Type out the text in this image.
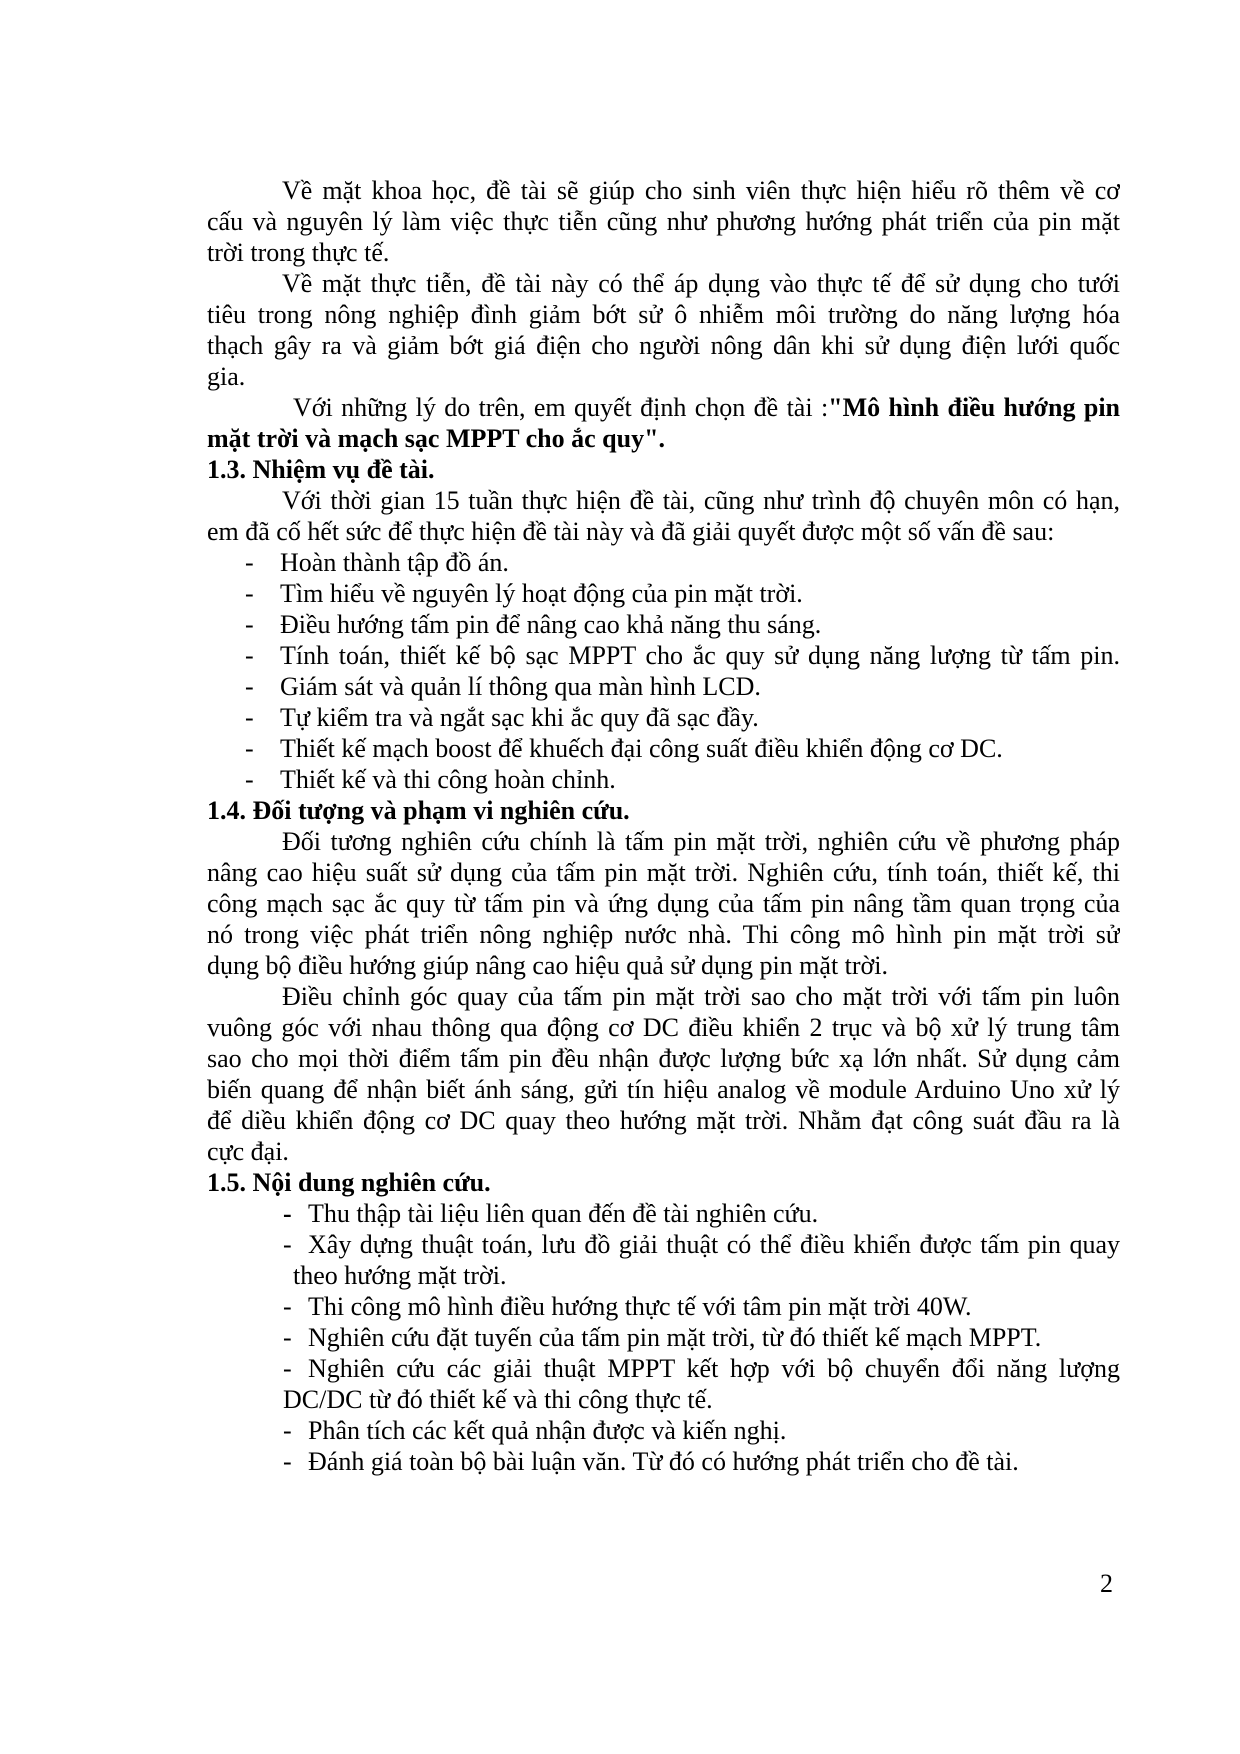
Về mặt khoa học, đề tài sẽ giúp cho sinh viên thực hiện hiểu rõ thêm về cơ
cấu và nguyên lý làm việc thực tiễn cũng như phương hướng phát triển của pin mặt
trời trong thực tế.
Về mặt thực tiễn, đề tài này có thể áp dụng vào thực tế để sử dụng cho tưới
tiêu trong nông nghiệp đình giảm bớt sử ô nhiễm môi trường do năng lượng hóa
thạch gây ra và giảm bớt giá điện cho người nông dân khi sử dụng điện lưới quốc
gia.
Với những lý do trên, em quyết định chọn đề tài :"Mô hình điều hướng pin
mặt trời và mạch sạc MPPT cho ắc quy".
1.3. Nhiệm vụ đề tài.
Với thời gian 15 tuần thực hiện đề tài, cũng như trình độ chuyên môn có hạn,
em đã cố hết sức để thực hiện đề tài này và đã giải quyết được một số vấn đề sau:
- Hoàn thành tập đồ án.
- Tìm hiểu về nguyên lý hoạt động của pin mặt trời.
- Điều hướng tấm pin để nâng cao khả năng thu sáng.
- Tính toán, thiết kế bộ sạc MPPT cho ắc quy sử dụng năng lượng từ tấm pin.
- Giám sát và quản lí thông qua màn hình LCD.
- Tự kiểm tra và ngắt sạc khi ắc quy đã sạc đầy.
- Thiết kế mạch boost để khuếch đại công suất điều khiển động cơ DC.
- Thiết kế và thi công hoàn chỉnh.
1.4. Đối tượng và phạm vi nghiên cứu.
Đối tương nghiên cứu chính là tấm pin mặt trời, nghiên cứu về phương pháp
nâng cao hiệu suất sử dụng của tấm pin mặt trời. Nghiên cứu, tính toán, thiết kế, thi
công mạch sạc ắc quy từ tấm pin và ứng dụng của tấm pin nâng tầm quan trọng của
nó trong việc phát triển nông nghiệp nước nhà. Thi công mô hình pin mặt trời sử
dụng bộ điều hướng giúp nâng cao hiệu quả sử dụng pin mặt trời.
Điều chỉnh góc quay của tấm pin mặt trời sao cho mặt trời với tấm pin luôn
vuông góc với nhau thông qua động cơ DC điều khiển 2 trục và bộ xử lý trung tâm
sao cho mọi thời điểm tấm pin đều nhận được lượng bức xạ lớn nhất. Sử dụng cảm
biến quang để nhận biết ánh sáng, gửi tín hiệu analog về module Arduino Uno xử lý
để diều khiển động cơ DC quay theo hướng mặt trời. Nhằm đạt công suát đầu ra là
cực đại.
1.5. Nội dung nghiên cứu.
- Thu thập tài liệu liên quan đến đề tài nghiên cứu.
- Xây dựng thuật toán, lưu đồ giải thuật có thể điều khiển được tấm pin quay
theo hướng mặt trời.
- Thi công mô hình điều hướng thực tế với tâm pin mặt trời 40W.
- Nghiên cứu đặt tuyến của tấm pin mặt trời, từ đó thiết kế mạch MPPT.
- Nghiên cứu các giải thuật MPPT kết hợp với bộ chuyển đổi năng lượng
DC/DC từ đó thiết kế và thi công thực tế.
- Phân tích các kết quả nhận được và kiến nghị.
- Đánh giá toàn bộ bài luận văn. Từ đó có hướng phát triển cho đề tài.
2
